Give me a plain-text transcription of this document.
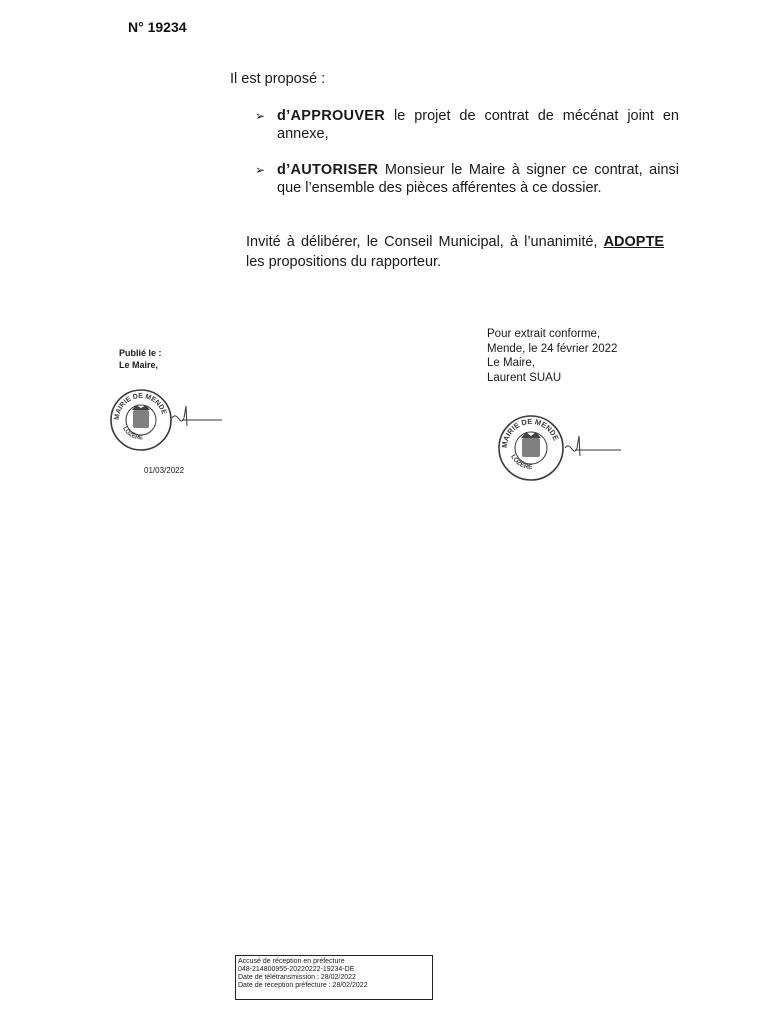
N° 19234
Il est proposé :
➢ d’APPROUVER le projet de contrat de mécénat joint en annexe,
➢ d’AUTORISER Monsieur le Maire à signer ce contrat, ainsi que l’ensemble des pièces afférentes à ce dossier.
Invité à délibérer, le Conseil Municipal, à l’unanimité, ADOPTE les propositions du rapporteur.
Publié le :
Le Maire,
MAIRIE DE MENDE
LOZÈRE
01/03/2022
Pour extrait conforme,
Mende, le 24 février 2022
Le Maire,
Laurent SUAU
MAIRIE DE MENDE
LOZÈRE
Accusé de réception en préfecture
048-214800955-20220222-19234-DE
Date de télétransmission : 28/02/2022
Date de réception préfecture : 28/02/2022
